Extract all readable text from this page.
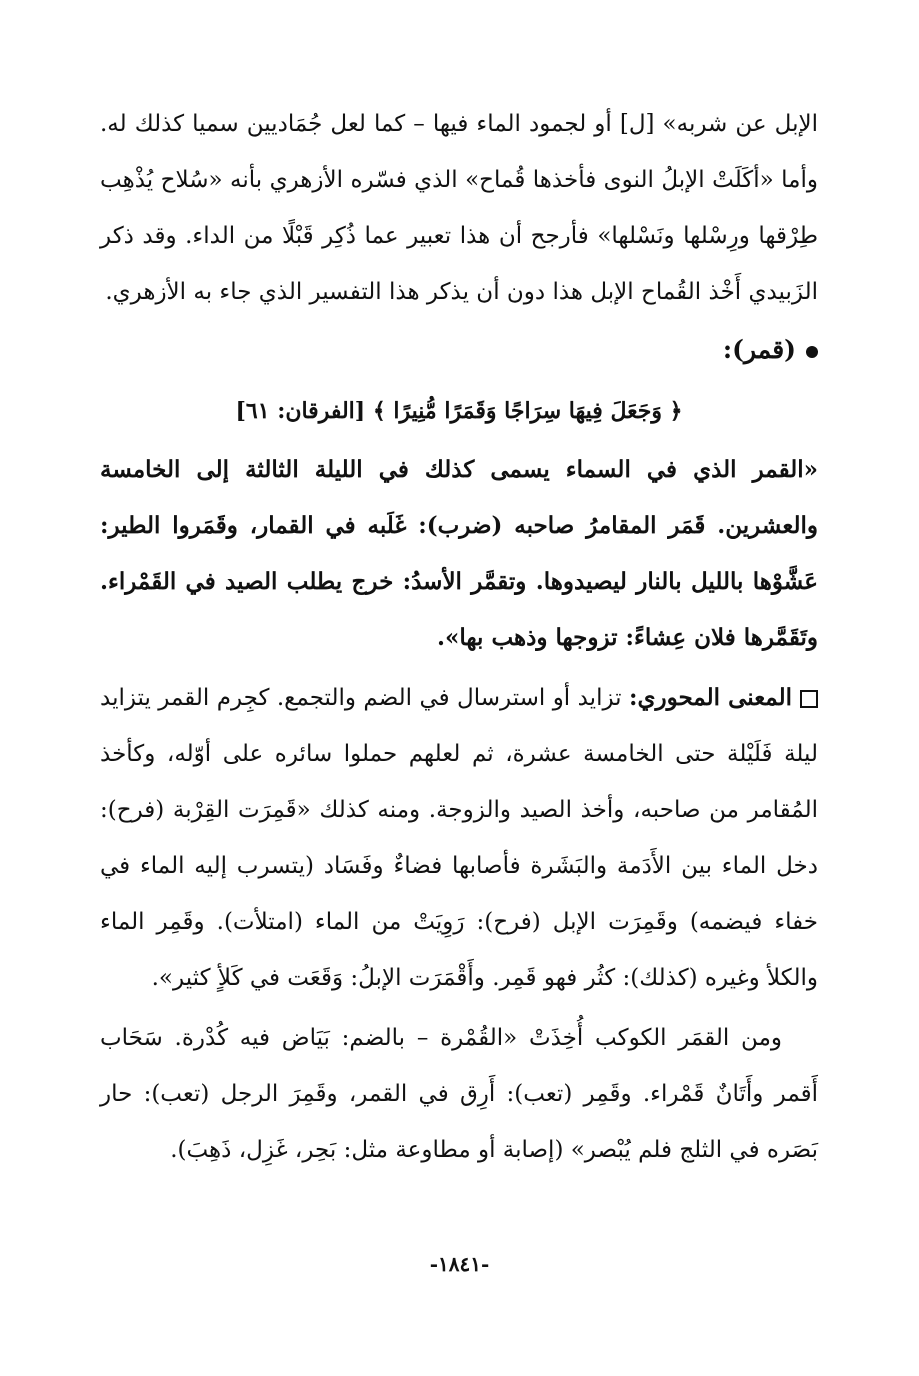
الإبل عن شربه» [ل] أو لجمود الماء فيها – كما لعل جُمَاديين سميا كذلك له. وأما «أكَلَتْ الإبلُ النوى فأخذها قُماح» الذي فسّره الأزهري بأنه «سُلاح يُذْهِب طِرْقها ورِسْلها ونَسْلها» فأرجح أن هذا تعبير عما ذُكِر قَبْلًا من الداء. وقد ذكر الزَبيدي أَخْذ القُماح الإبل هذا دون أن يذكر هذا التفسير الذي جاء به الأزهري.

(قمر):

﴿ وَجَعَلَ فِيهَا سِرَاجًا وَقَمَرًا مُّنِيرًا ﴾ [الفرقان: ٦١]

«القمر الذي في السماء يسمى كذلك في الليلة الثالثة إلى الخامسة والعشرين. قَمَر المقامرُ صاحبه (ضرب): غَلَبه في القمار، وقَمَروا الطير: عَشَّوْها بالليل بالنار ليصيدوها. وتقمَّر الأسدُ: خرج يطلب الصيد في القَمْراء. وتَقَمَّرها فلان عِشاءً: تزوجها وذهب بها».

المعنى المحوري: تزايد أو استرسال في الضم والتجمع. كجِرم القمر يتزايد ليلة فَلَيْلة حتى الخامسة عشرة، ثم لعلهم حملوا سائره على أوّله، وكأخذ المُقامر من صاحبه، وأخذ الصيد والزوجة. ومنه كذلك «قَمِرَت القِرْبة (فرح): دخل الماء بين الأَدَمة والبَشَرة فأصابها فضاءٌ وفَسَاد (يتسرب إليه الماء في خفاء فيضمه) وقَمِرَت الإبل (فرح): رَوِيَتْ من الماء (امتلأت). وقَمِر الماء والكلأ وغيره (كذلك): كثُر فهو قَمِر. وأَقْمَرَت الإبلُ: وَقَعَت في كَلأٍ كثير».

ومن القمَر الكوكب أُخِذَتْ «القُمْرة – بالضم: بَيَاض فيه كُدْرة. سَحَاب أَقمر وأَتَانٌ قَمْراء. وقَمِر (تعب): أَرِق في القمر، وقَمِرَ الرجل (تعب): حار بَصَره في الثلج فلم يُبْصر» (إصابة أو مطاوعة مثل: بَحِر، غَزِل، ذَهِبَ).

-١٨٤١-
